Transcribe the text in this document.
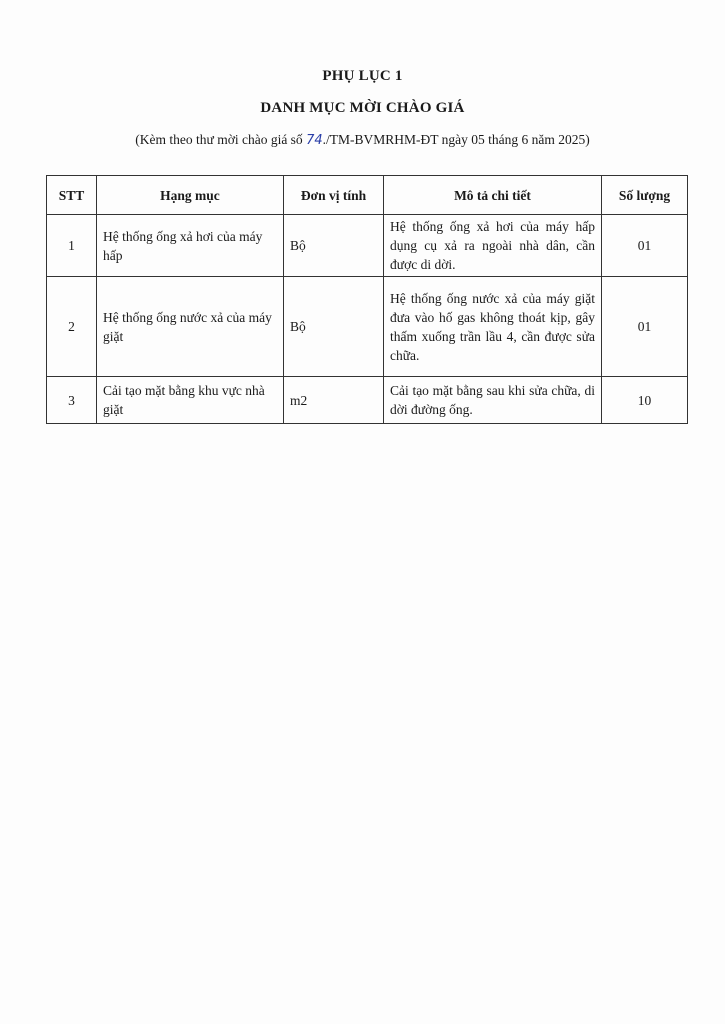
PHỤ LỤC 1
DANH MỤC MỜI CHÀO GIÁ
(Kèm theo thư mời chào giá số 74./TM-BVMRHM-ĐT ngày 05 tháng 6 năm 2025)
STT	Hạng mục	Đơn vị tính	Mô tả chi tiết	Số lượng
1	Hệ thống ống xả hơi của máy hấp	Bộ	Hệ thống ống xả hơi của máy hấp dụng cụ xả ra ngoài nhà dân, cần được di dời.	01
2	Hệ thống ống nước xả của máy giặt	Bộ	Hệ thống ống nước xả của máy giặt đưa vào hố gas không thoát kịp, gây thấm xuống trần lầu 4, cần được sửa chữa.	01
3	Cải tạo mặt bằng khu vực nhà giặt	m2	Cải tạo mặt bằng sau khi sửa chữa, di dời đường ống.	10
